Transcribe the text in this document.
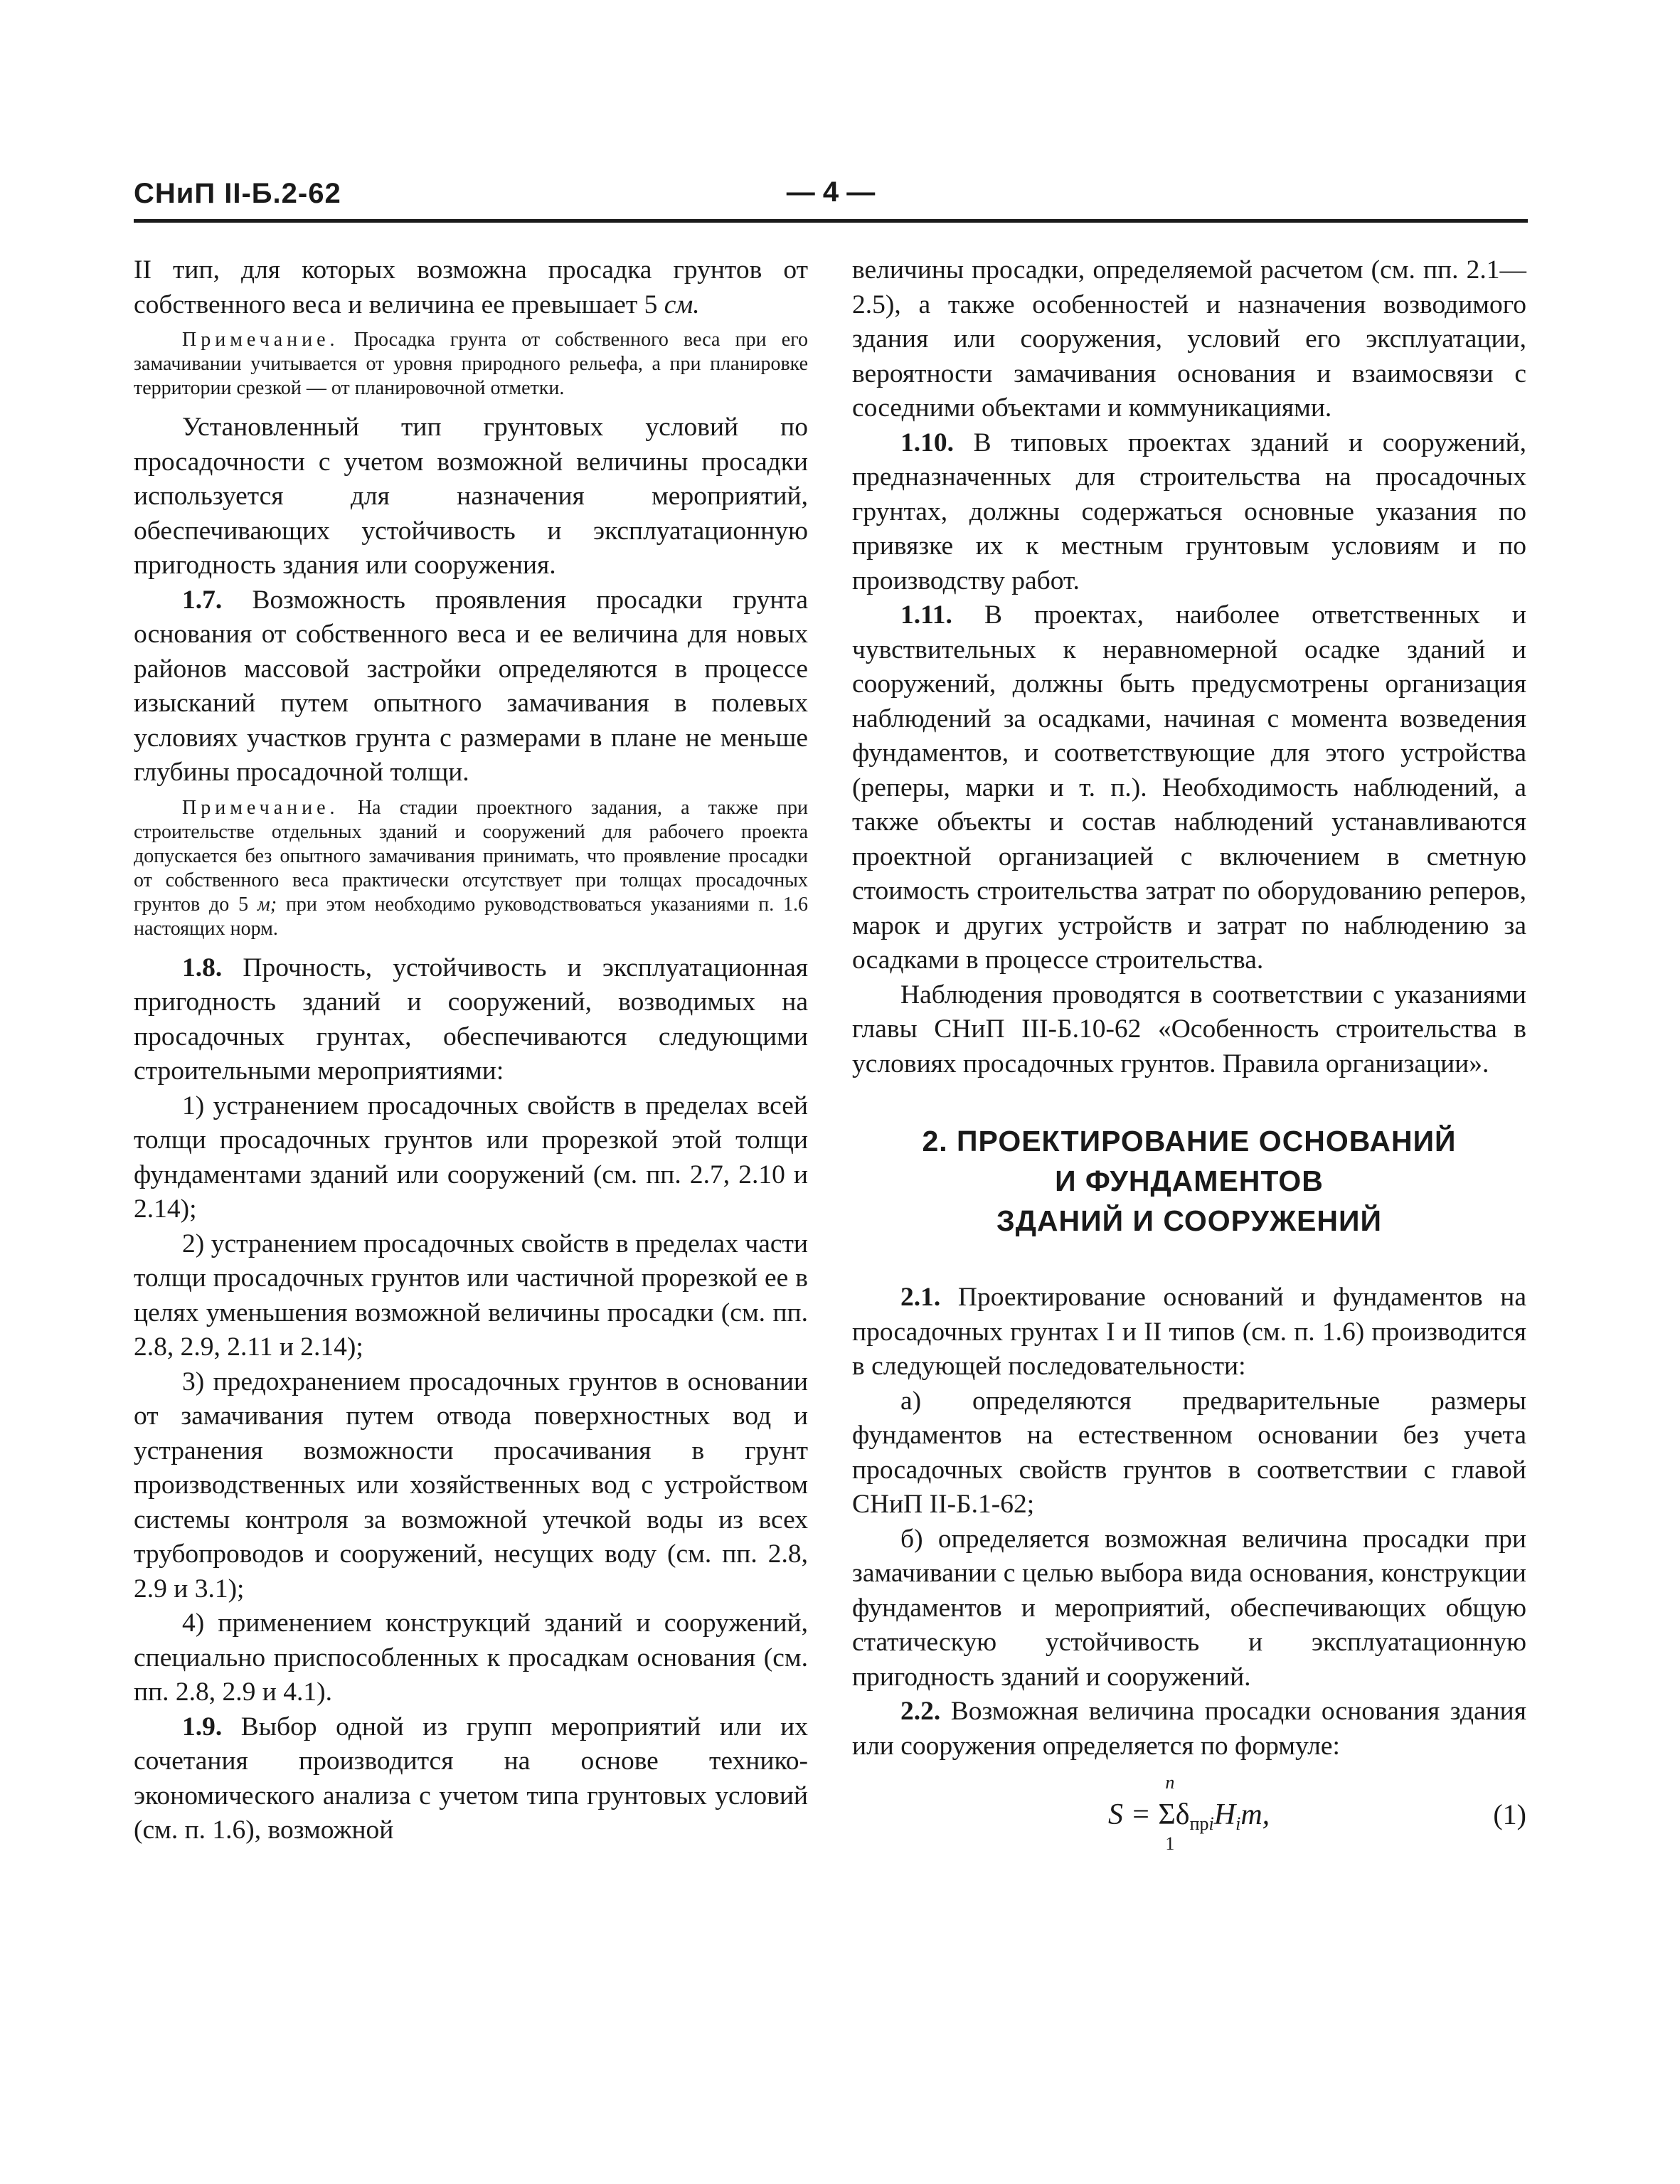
СНиП II-Б.2-62	— 4 —

II тип, для которых возможна просадка грунтов от собственного веса и величина ее превышает 5 см.

Примечание. Просадка грунта от собственного веса при его замачивании учитывается от уровня природного рельефа, а при планировке территории срезкой — от планировочной отметки.

Установленный тип грунтовых условий по просадочности с учетом возможной величины просадки используется для назначения мероприятий, обеспечивающих устойчивость и эксплуатационную пригодность здания или сооружения.

1.7. Возможность проявления просадки грунта основания от собственного веса и ее величина для новых районов массовой застройки определяются в процессе изысканий путем опытного замачивания в полевых условиях участков грунта с размерами в плане не меньше глубины просадочной толщи.

Примечание. На стадии проектного задания, а также при строительстве отдельных зданий и сооружений для рабочего проекта допускается без опытного замачивания принимать, что проявление просадки от собственного веса практически отсутствует при толщах просадочных грунтов до 5 м; при этом необходимо руководствоваться указаниями п. 1.6 настоящих норм.

1.8. Прочность, устойчивость и эксплуатационная пригодность зданий и сооружений, возводимых на просадочных грунтах, обеспечиваются следующими строительными мероприятиями:

1) устранением просадочных свойств в пределах всей толщи просадочных грунтов или прорезкой этой толщи фундаментами зданий или сооружений (см. пп. 2.7, 2.10 и 2.14);

2) устранением просадочных свойств в пределах части толщи просадочных грунтов или частичной прорезкой ее в целях уменьшения возможной величины просадки (см. пп. 2.8, 2.9, 2.11 и 2.14);

3) предохранением просадочных грунтов в основании от замачивания путем отвода поверхностных вод и устранения возможности просачивания в грунт производственных или хозяйственных вод с устройством системы контроля за возможной утечкой воды из всех трубопроводов и сооружений, несущих воду (см. пп. 2.8, 2.9 и 3.1);

4) применением конструкций зданий и сооружений, специально приспособленных к просадкам основания (см. пп. 2.8, 2.9 и 4.1).

1.9. Выбор одной из групп мероприятий или их сочетания производится на основе технико-экономического анализа с учетом типа грунтовых условий (см. п. 1.6), возможной

величины просадки, определяемой расчетом (см. пп. 2.1—2.5), а также особенностей и назначения возводимого здания или сооружения, условий его эксплуатации, вероятности замачивания основания и взаимосвязи с соседними объектами и коммуникациями.

1.10. В типовых проектах зданий и сооружений, предназначенных для строительства на просадочных грунтах, должны содержаться основные указания по привязке их к местным грунтовым условиям и по производству работ.

1.11. В проектах, наиболее ответственных и чувствительных к неравномерной осадке зданий и сооружений, должны быть предусмотрены организация наблюдений за осадками, начиная с момента возведения фундаментов, и соответствующие для этого устройства (реперы, марки и т. п.). Необходимость наблюдений, а также объекты и состав наблюдений устанавливаются проектной организацией с включением в сметную стоимость строительства затрат по оборудованию реперов, марок и других устройств и затрат по наблюдению за осадками в процессе строительства.

Наблюдения проводятся в соответствии с указаниями главы СНиП III-Б.10-62 «Особенность строительства в условиях просадочных грунтов. Правила организации».

2. ПРОЕКТИРОВАНИЕ ОСНОВАНИЙ
И ФУНДАМЕНТОВ
ЗДАНИЙ И СООРУЖЕНИЙ

2.1. Проектирование оснований и фундаментов на просадочных грунтах I и II типов (см. п. 1.6) производится в следующей последовательности:

а) определяются предварительные размеры фундаментов на естественном основании без учета просадочных свойств грунтов в соответствии с главой СНиП II-Б.1-62;

б) определяется возможная величина просадки при замачивании с целью выбора вида основания, конструкции фундаментов и мероприятий, обеспечивающих общую статическую устойчивость и эксплуатационную пригодность зданий и сооружений.

2.2. Возможная величина просадки основания здания или сооружения определяется по формуле:

S = Σ
n
1
δпрiHim,	(1)
